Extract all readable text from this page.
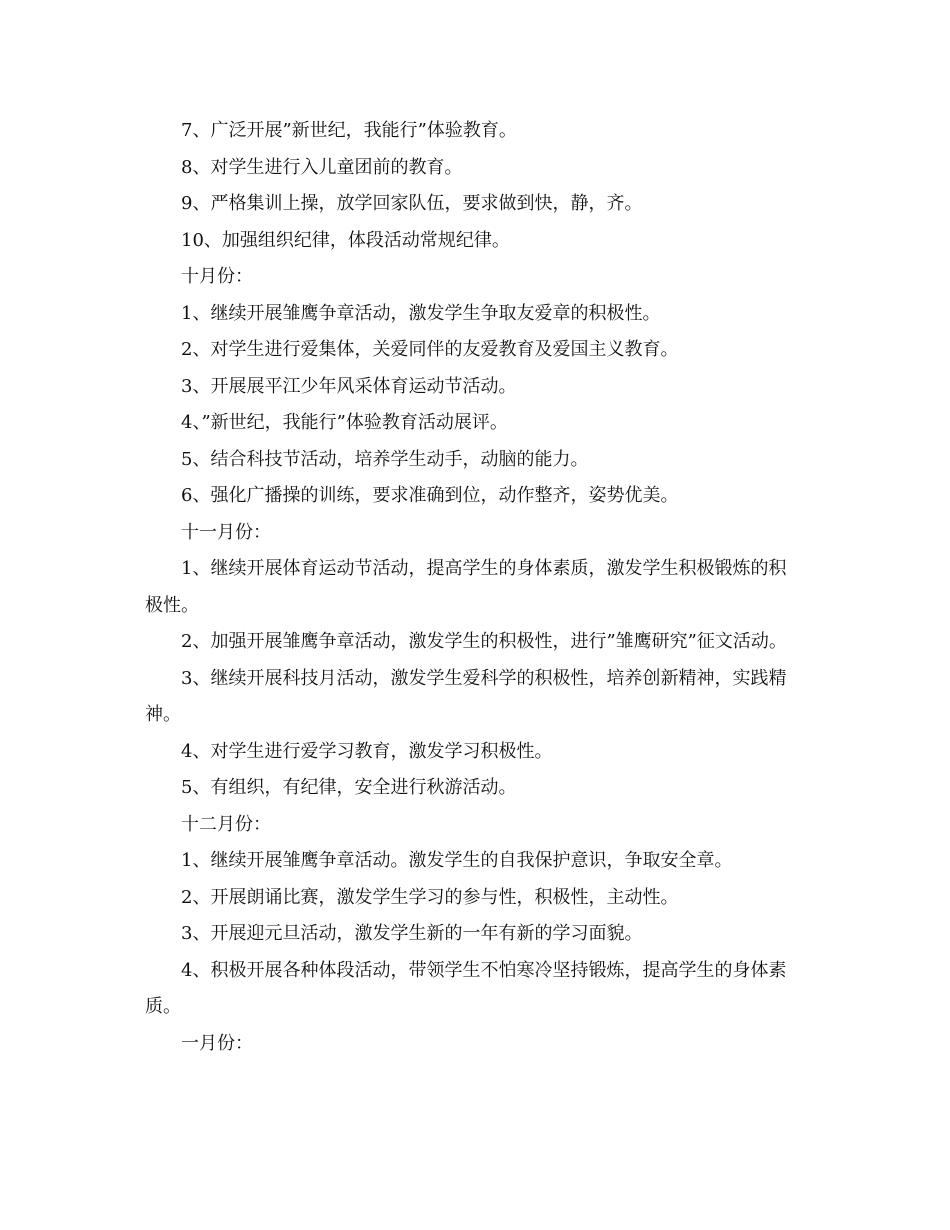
7、广泛开展”新世纪，我能行”体验教育。

8、对学生进行入儿童团前的教育。

9、严格集训上操，放学回家队伍，要求做到快，静，齐。

10、加强组织纪律，体段活动常规纪律。

十月份：

1、继续开展雏鹰争章活动，激发学生争取友爱章的积极性。

2、对学生进行爱集体，关爱同伴的友爱教育及爱国主义教育。

3、开展展平江少年风采体育运动节活动。

4、”新世纪，我能行”体验教育活动展评。

5、结合科技节活动，培养学生动手，动脑的能力。

6、强化广播操的训练，要求准确到位，动作整齐，姿势优美。

十一月份：

1、继续开展体育运动节活动，提高学生的身体素质，激发学生积极锻炼的积极性。

2、加强开展雏鹰争章活动，激发学生的积极性，进行”雏鹰研究”征文活动。

3、继续开展科技月活动，激发学生爱科学的积极性，培养创新精神，实践精神。

4、对学生进行爱学习教育，激发学习积极性。

5、有组织，有纪律，安全进行秋游活动。

十二月份：

1、继续开展雏鹰争章活动。激发学生的自我保护意识，争取安全章。

2、开展朗诵比赛，激发学生学习的参与性，积极性，主动性。

3、开展迎元旦活动，激发学生新的一年有新的学习面貌。

4、积极开展各种体段活动，带领学生不怕寒冷坚持锻炼，提高学生的身体素质。

一月份：
